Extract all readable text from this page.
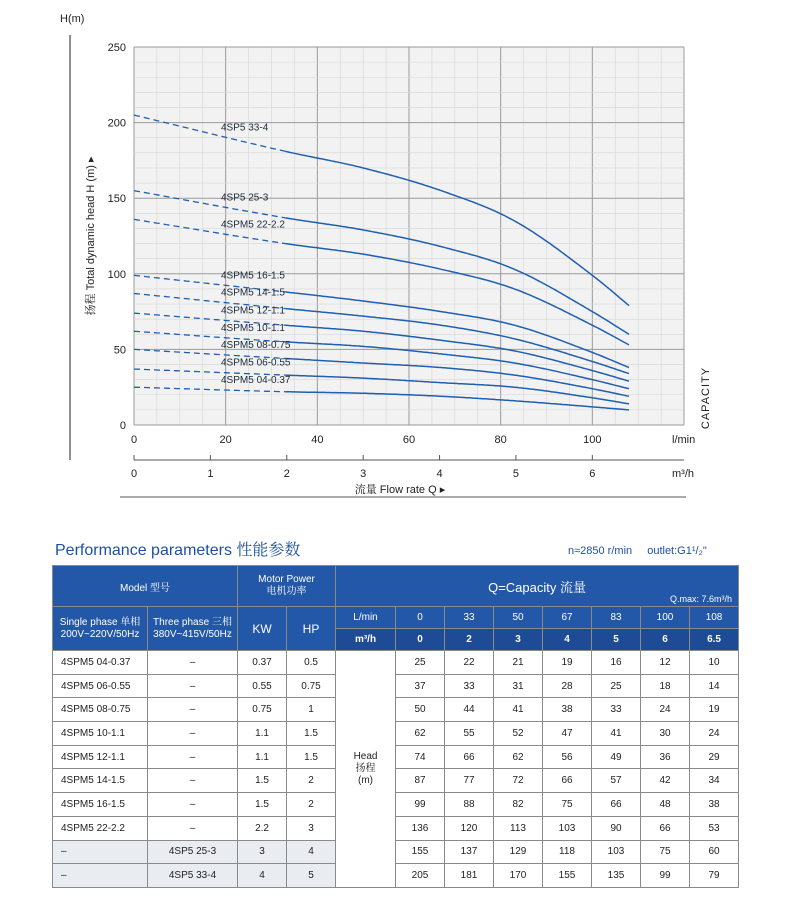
H(m)
扬程 Total dynamic head H (m) ▸
0
50
100
150
200
250
0	20	40	60	80	100	l/min
CAPACITY
0	1	2	3	4	5	6	m³/h
流量 Flow rate Q ▸
4SP5 33-4
4SP5 25-3
4SPM5 22-2.2
4SPM5 16-1.5
4SPM5 14-1.5
4SPM5 12-1.1
4SPM5 10-1.1
4SPM5 08-0.75
4SPM5 06-0.55
4SPM5 04-0.37
Performance parameters 性能参数	n≈2850 r/min outlet:G1¹/₂"
Model 型号		Motor Power
电机功率		Q=Capacity 流量
Q.max: 7.6m³/h							

Single phase 单相
200V~220V/50Hz	Three phase 三相
380V~415V/50Hz	KW	HP	L/min	0	33	50	67	83	100	108
				m³/h	0	2	3	4	5	6	6.5
4SPM5 04-0.37	–	0.37	0.5	Head
扬程
(m)	25	22	21	19	16	12	10
4SPM5 06-0.55	–	0.55	0.75		37	33	31	28	25	18	14
4SPM5 08-0.75	–	0.75	1		50	44	41	38	33	24	19
4SPM5 10-1.1	–	1.1	1.5		62	55	52	47	41	30	24
4SPM5 12-1.1	–	1.1	1.5		74	66	62	56	49	36	29
4SPM5 14-1.5	–	1.5	2		87	77	72	66	57	42	34
4SPM5 16-1.5	–	1.5	2		99	88	82	75	66	48	38
4SPM5 22-2.2	–	2.2	3		136	120	113	103	90	66	53
–	4SP5 25-3	3	4		155	137	129	118	103	75	60
–	4SP5 33-4	4	5		205	181	170	155	135	99	79
